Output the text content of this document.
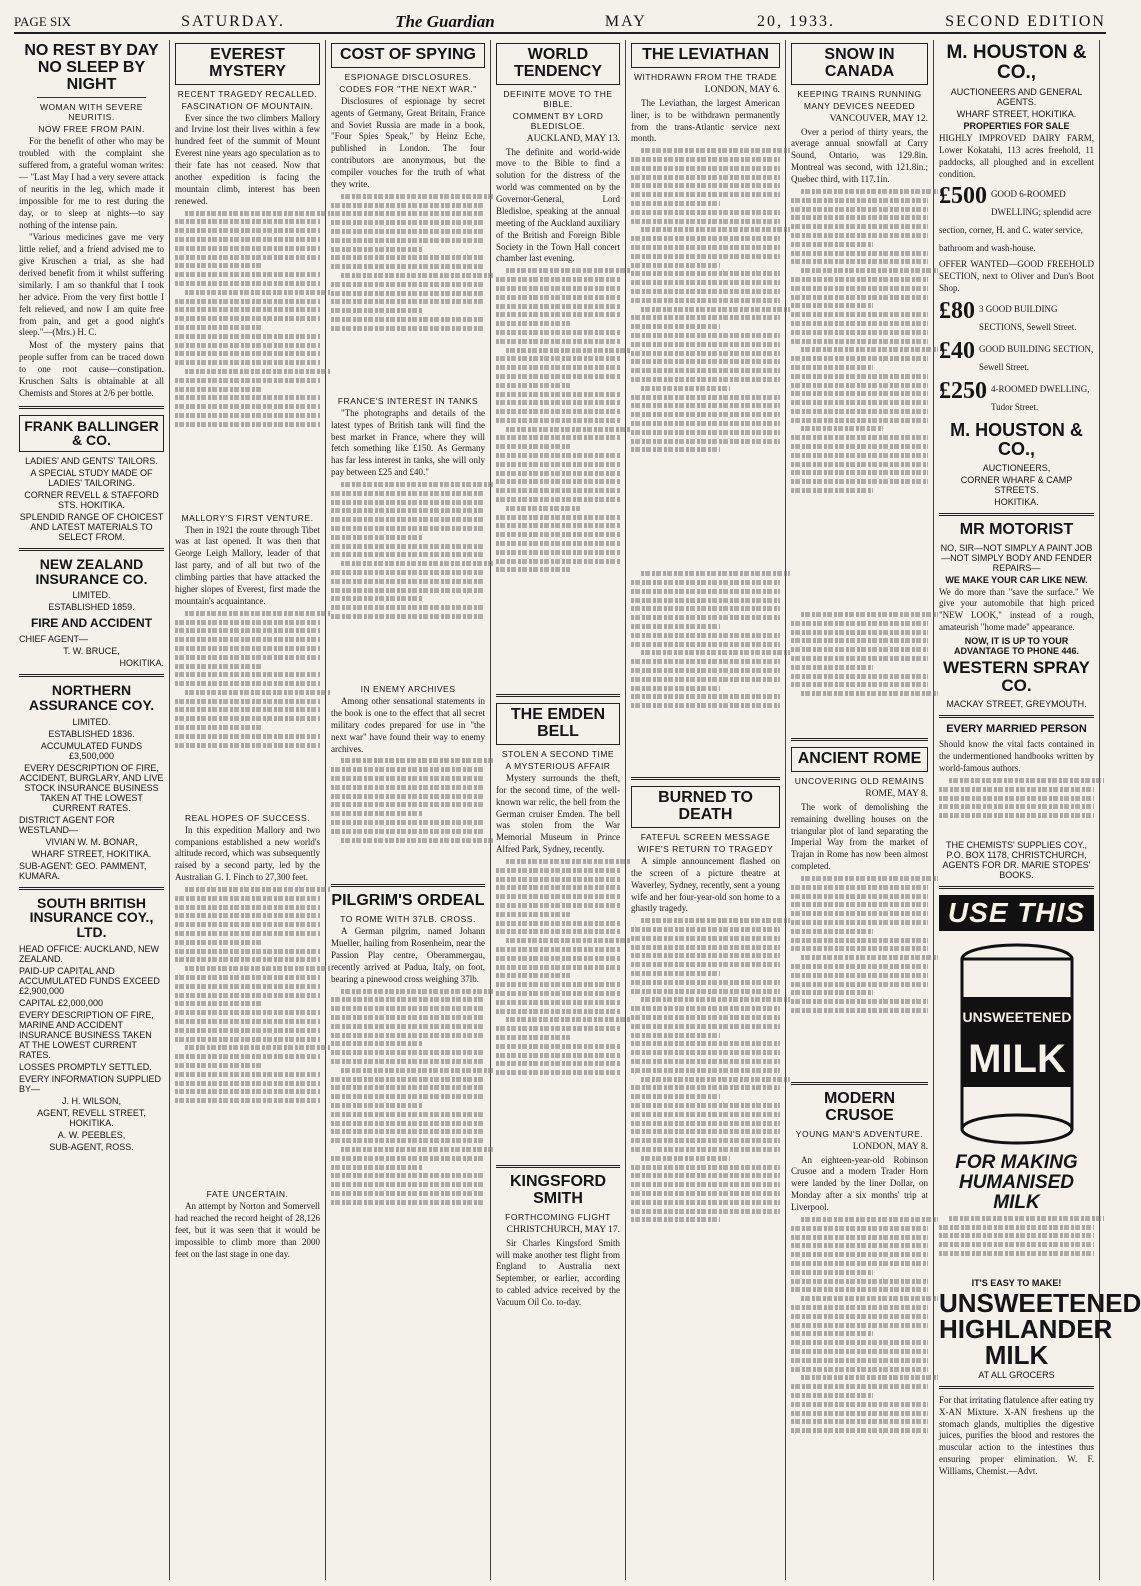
PAGE SIX	SATURDAY.	The Guardian	MAY	20, 1933.	SECOND EDITION
NO REST BY DAY NO SLEEP BY NIGHT
WOMAN WITH SEVERE NEURITIS.
NOW FREE FROM PAIN.

For the benefit of other who may be troubled with the complaint she suffered from, a grateful woman writes:— "Last May I had a very severe attack of neuritis in the leg, which made it impossible for me to rest during the day, or to sleep at nights—to say nothing of the intense pain.

"Various medicines gave me very little relief, and a friend advised me to give Kruschen a trial, as she had derived benefit from it whilst suffering similarly. I am so thankful that I took her advice. From the very first bottle I felt relieved, and now I am quite free from pain, and get a good night's sleep."—(Mrs.) H. C.

Most of the mystery pains that people suffer from can be traced down to one root cause—constipation. Kruschen Salts is obtainable at all Chemists and Stores at 2/6 per bottle.

FRANK BALLINGER & CO.
LADIES' AND GENTS' TAILORS.
A SPECIAL STUDY MADE OF LADIES' TAILORING.
CORNER REVELL & STAFFORD STS. HOKITIKA.
SPLENDID RANGE OF CHOICEST AND LATEST MATERIALS TO SELECT FROM.
NEW ZEALAND INSURANCE CO.
LIMITED.
ESTABLISHED 1859.
FIRE AND ACCIDENT
CHIEF AGENT—
T. W. BRUCE,
HOKITIKA.
NORTHERN ASSURANCE COY.
LIMITED.
ESTABLISHED 1836.
ACCUMULATED FUNDS £3,500,000
EVERY DESCRIPTION OF FIRE, ACCIDENT, BURGLARY, AND LIVE STOCK INSURANCE BUSINESS TAKEN AT THE LOWEST CURRENT RATES.
DISTRICT AGENT FOR WESTLAND—
VIVIAN W. M. BONAR,
WHARF STREET, HOKITIKA.
SUB-AGENT: GEO. PAMMENT, KUMARA.
SOUTH BRITISH INSURANCE COY., LTD.
HEAD OFFICE: AUCKLAND, NEW ZEALAND.
PAID-UP CAPITAL AND ACCUMULATED FUNDS EXCEED £2,900,000
CAPITAL £2,000,000
EVERY DESCRIPTION OF FIRE, MARINE AND ACCIDENT INSURANCE BUSINESS TAKEN AT THE LOWEST CURRENT RATES.
LOSSES PROMPTLY SETTLED.
EVERY INFORMATION SUPPLIED BY—
J. H. WILSON,
AGENT, REVELL STREET, HOKITIKA.
A. W. PEEBLES,
SUB-AGENT, ROSS.
EVEREST MYSTERY
RECENT TRAGEDY RECALLED.
FASCINATION OF MOUNTAIN.

Ever since the two climbers Mallory and Irvine lost their lives within a few hundred feet of the summit of Mount Everest nine years ago speculation as to their fate has not ceased. Now that another expedition is facing the mountain climb, interest has been renewed.

MALLORY'S FIRST VENTURE.

Then in 1921 the route through Tibet was at last opened. It was then that George Leigh Mallory, leader of that last party, and of all but two of the climbing parties that have attacked the higher slopes of Everest, first made the mountain's acquaintance.

REAL HOPES OF SUCCESS.

In this expedition Mallory and two companions established a new world's altitude record, which was subsequently raised by a second party, led by the Australian G. I. Finch to 27,300 feet.

FATE UNCERTAIN.

An attempt by Norton and Somervell had reached the record height of 28,126 feet, but it was seen that it would be impossible to climb more than 2000 feet on the last stage in one day.

COST OF SPYING
ESPIONAGE DISCLOSURES.
CODES FOR "THE NEXT WAR."

Disclosures of espionage by secret agents of Germany, Great Britain, France and Soviet Russia are made in a book, "Four Spies Speak," by Heinz Eche, published in London. The four contributors are anonymous, but the compiler vouches for the truth of what they write.

FRANCE'S INTEREST IN TANKS

"The photographs and details of the latest types of British tank will find the best market in France, where they will fetch something like £150. As Germany has far less interest in tanks, she will only pay between £25 and £40."

IN ENEMY ARCHIVES

Among other sensational statements in the book is one to the effect that all secret military codes prepared for use in "the next war" have found their way to enemy archives.

PILGRIM'S ORDEAL
TO ROME WITH 37LB. CROSS.

A German pilgrim, named Johann Mueller, hailing from Rosenheim, near the Passion Play centre, Oberammergau, recently arrived at Padua, Italy, on foot, bearing a pinewood cross weighing 37lb.

WORLD TENDENCY
DEFINITE MOVE TO THE BIBLE.
COMMENT BY LORD BLEDISLOE.
AUCKLAND, MAY 13.

The definite and world-wide move to the Bible to find a solution for the distress of the world was commented on by the Governor-General, Lord Bledisloe, speaking at the annual meeting of the Auckland auxiliary of the British and Foreign Bible Society in the Town Hall concert chamber last evening.

THE EMDEN BELL
STOLEN A SECOND TIME
A MYSTERIOUS AFFAIR

Mystery surrounds the theft, for the second time, of the well-known war relic, the bell from the German cruiser Emden. The bell was stolen from the War Memorial Museum in Prince Alfred Park, Sydney, recently.

KINGSFORD SMITH
FORTHCOMING FLIGHT
CHRISTCHURCH, MAY 17.

Sir Charles Kingsford Smith will make another test flight from England to Australia next September, or earlier, according to cabled advice received by the Vacuum Oil Co. to-day.

THE LEVIATHAN
WITHDRAWN FROM THE TRADE
LONDON, MAY 6.

The Leviathan, the largest American liner, is to be withdrawn permanently from the trans-Atlantic service next month.

BURNED TO DEATH
FATEFUL SCREEN MESSAGE
WIFE'S RETURN TO TRAGEDY

A simple announcement flashed on the screen of a picture theatre at Waverley, Sydney, recently, sent a young wife and her four-year-old son home to a ghastly tragedy.

SNOW IN CANADA
KEEPING TRAINS RUNNING
MANY DEVICES NEEDED
VANCOUVER, MAY 12.

Over a period of thirty years, the average annual snowfall at Carry Sound, Ontario, was 129.8in. Montreal was second, with 121.8in.; Quebec third, with 117.1in.

ANCIENT ROME
UNCOVERING OLD REMAINS
ROME, MAY 8.

The work of demolishing the remaining dwelling houses on the triangular plot of land separating the Imperial Way from the market of Trajan in Rome has now been almost completed.

MODERN CRUSOE
YOUNG MAN'S ADVENTURE.
LONDON, MAY 8.

An eighteen-year-old Robinson Crusoe and a modern Trader Horn were landed by the liner Dollar, on Monday after a six months' trip at Liverpool.

M. HOUSTON & CO.,
AUCTIONEERS AND GENERAL AGENTS.
WHARF STREET, HOKITIKA.
PROPERTIES FOR SALE
HIGHLY IMPROVED DAIRY FARM, Lower Kokatahi, 113 acres freehold, 11 paddocks, all ploughed and in excellent condition.
£500 GOOD 6-ROOMED DWELLING; splendid acre section, corner, H. and C. water service, bathroom and wash-house.
OFFER WANTED—GOOD FREEHOLD SECTION, next to Oliver and Dun's Boot Shop.
£80 3 GOOD BUILDING SECTIONS, Sewell Street.
£40 GOOD BUILDING SECTION, Sewell Street.
£250 4-ROOMED DWELLING, Tudor Street.
M. HOUSTON & CO.,
AUCTIONEERS,
CORNER WHARF & CAMP STREETS.
HOKITIKA.
MR MOTORIST
NO, SIR—NOT SIMPLY A PAINT JOB—NOT SIMPLY BODY AND FENDER REPAIRS—
WE MAKE YOUR CAR LIKE NEW.
We do more than "save the surface." We give your automobile that high priced "NEW LOOK," instead of a rough, amateurish "home made" appearance.
NOW, IT IS UP TO YOUR ADVANTAGE TO PHONE 446.
WESTERN SPRAY CO.
MACKAY STREET, GREYMOUTH.
EVERY MARRIED PERSON
Should know the vital facts contained in the undermentioned handbooks written by world-famous authors.
THE CHEMISTS' SUPPLIES COY., P.O. BOX 1178, CHRISTCHURCH, AGENTS FOR DR. MARIE STOPES' BOOKS.
USE THIS
UNSWEETENED
MILK
FOR MAKING HUMANISED MILK
IT'S EASY TO MAKE!
UNSWEETENED HIGHLANDER MILK
AT ALL GROCERS
For that irritating flatulence after eating try X-AN Mixture. X-AN freshens up the stomach glands, multiplies the digestive juices, purifies the blood and restores the muscular action to the intestines thus ensuring proper elimination. W. F. Williams, Chemist.—Advt.
